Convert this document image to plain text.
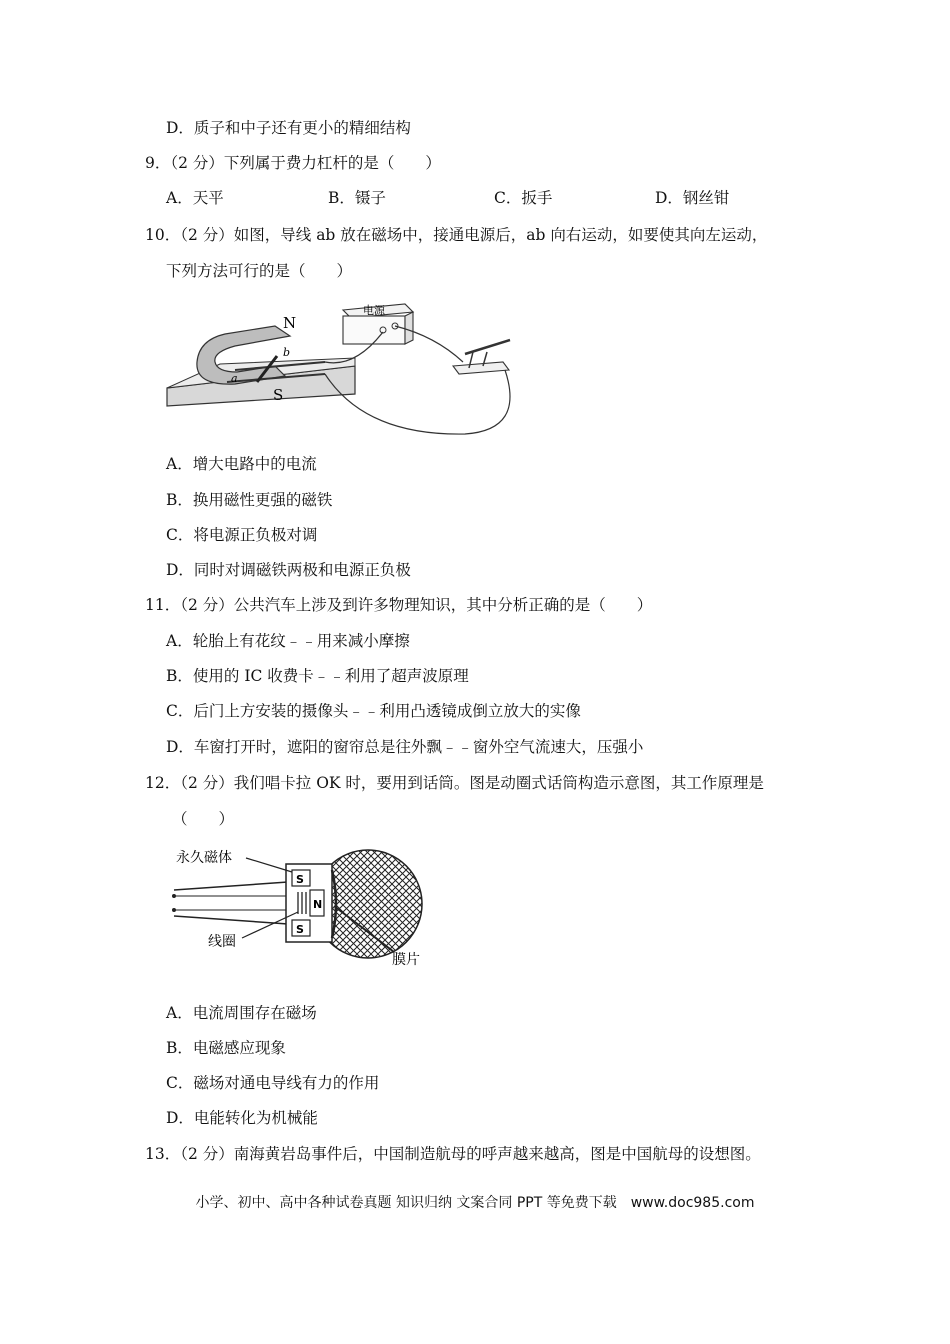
D．质子和中子还有更小的精细结构
9．（2 分）下列属于费力杠杆的是（　　）
A．天平	B．镊子	C．扳手	D．钢丝钳
10．（2 分）如图，导线 ab 放在磁场中，接通电源后，ab 向右运动，如要使其向左运动，
下列方法可行的是（　　）
a
b
N
S
电源
A．增大电路中的电流
B．换用磁性更强的磁铁
C．将电源正负极对调
D．同时对调磁铁两极和电源正负极
11．（2 分）公共汽车上涉及到许多物理知识，其中分析正确的是（　　）
A．轮胎上有花纹﹣﹣用来减小摩擦
B．使用的 IC 收费卡﹣﹣利用了超声波原理
C．后门上方安装的摄像头﹣﹣利用凸透镜成倒立放大的实像
D．车窗打开时，遮阳的窗帘总是往外飘﹣﹣窗外空气流速大，压强小
12．（2 分）我们唱卡拉 OK 时，要用到话筒。图是动圈式话筒构造示意图，其工作原理是
（　　）
S
N
S
永久磁体
线圈
膜片
A．电流周围存在磁场
B．电磁感应现象
C．磁场对通电导线有力的作用
D．电能转化为机械能
13．（2 分）南海黄岩岛事件后，中国制造航母的呼声越来越高，图是中国航母的设想图。
小学、初中、高中各种试卷真题 知识归纳 文案合同 PPT 等免费下载　www.doc985.com
